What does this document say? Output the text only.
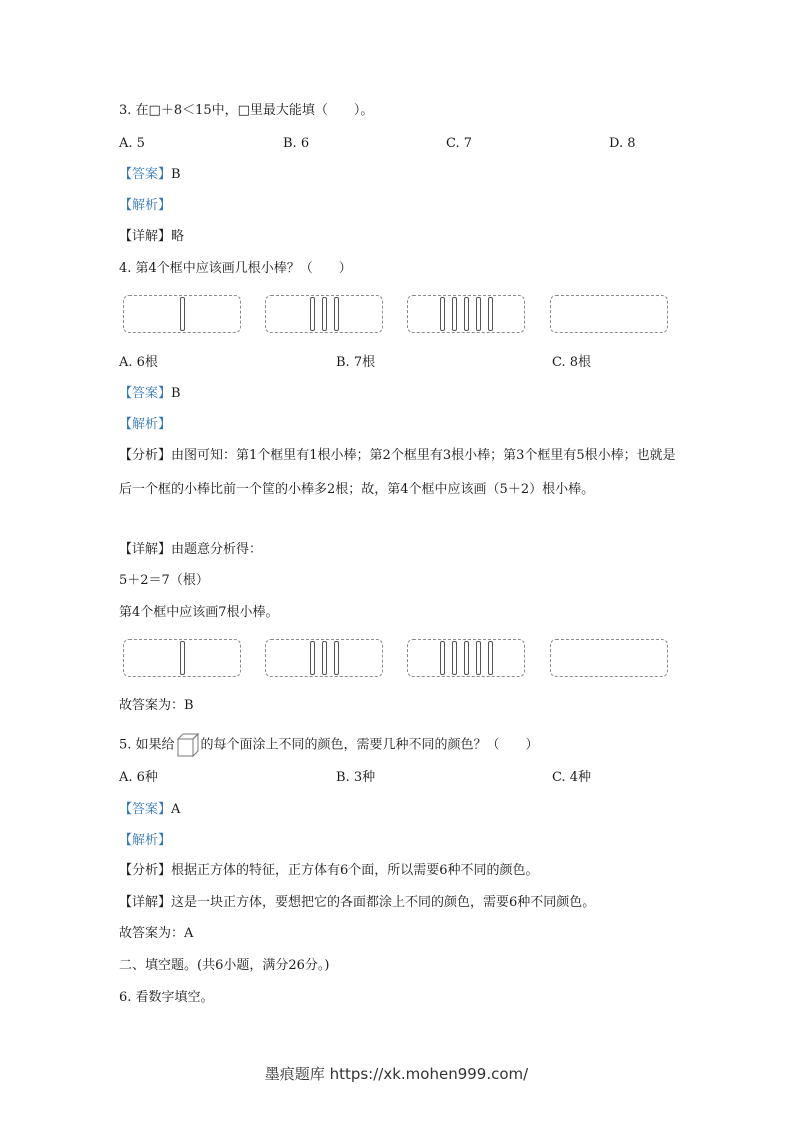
3. 在□＋8＜15中，□里最大能填（　　）。
A. 5	B. 6	C. 7	D. 8
【答案】B
【解析】
【详解】略
4. 第4个框中应该画几根小棒？（　　）
A. 6根	B. 7根	C. 8根
【答案】B
【解析】
【分析】由图可知：第1个框里有1根小棒；第2个框里有3根小棒；第3个框里有5根小棒；也就是后一个框的小棒比前一个筐的小棒多2根；故，第4个框中应该画（5＋2）根小棒。
【详解】由题意分析得：
5＋2＝7（根）
第4个框中应该画7根小棒。
故答案为：B
5. 如果给 的每个面涂上不同的颜色，需要几种不同的颜色？（　　）
A. 6种	B. 3种	C. 4种
【答案】A
【解析】
【分析】根据正方体的特征，正方体有6个面，所以需要6种不同的颜色。
【详解】这是一块正方体，要想把它的各面都涂上不同的颜色，需要6种不同颜色。
故答案为：A
二、填空题。(共6小题，满分26分。)
6. 看数字填空。
墨痕题库 https://xk.mohen999.com/
